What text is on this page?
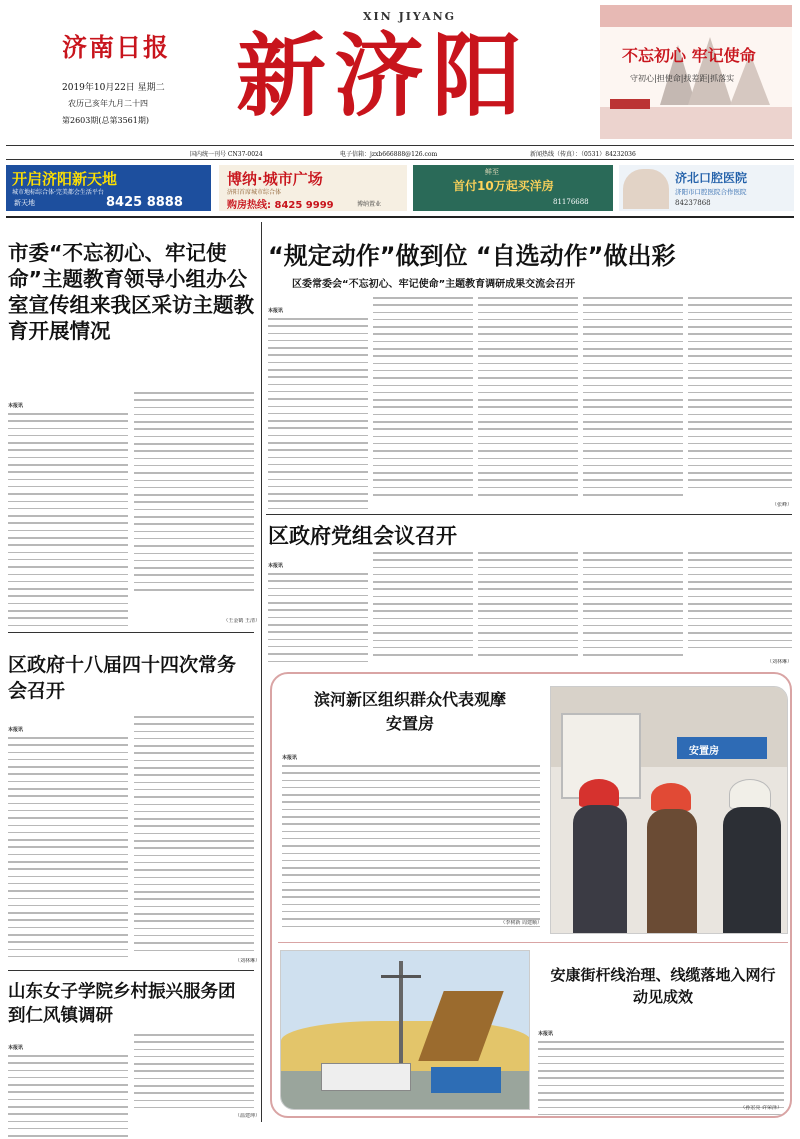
济南日报
XIN JIYANG
新济阳
2019年10月22日 星期二
农历己亥年九月二十四
第2603期(总第3561期)
不忘初心 牢记使命
守初心|担使命|找差距|抓落实
国内统一刊号 CN37-0024	电子信箱：jzxb666888@126.com	新闻热线（传真）：（0531）84232036
开启济阳新天地
城市地标综合体·完美都会生活平台
8425 8888
新天地
博纳·城市广场
济阳首席城市综合体
购房热线: 8425 9999	博纳置业
鲜至
首付10万起买洋房
81176688
济北口腔医院
济阳市口腔医院合作医院
84237868
市委“不忘初心、牢记使命”主题教育领导小组办公室宣传组来我区采访主题教育开展情况
本报讯
（王金鹤 王清）
区政府十八届四十四次常务会召开
本报讯
（刘林琳）
山东女子学院乡村振兴服务团到仁风镇调研
本报讯
（温建坤）
“规定动作”做到位 “自选动作”做出彩
区委常委会“不忘初心、牢记使命”主题教育调研成果交流会召开
本报讯
（张峰）
区政府党组会议召开
本报讯
（刘林琳）
滨河新区组织群众代表观摩安置房
本报讯
（李树新 周建顺）
安置房
安康街杆线治理、线缆落地入网行动见成效
本报讯
（孙宏亮 许荣泽）
